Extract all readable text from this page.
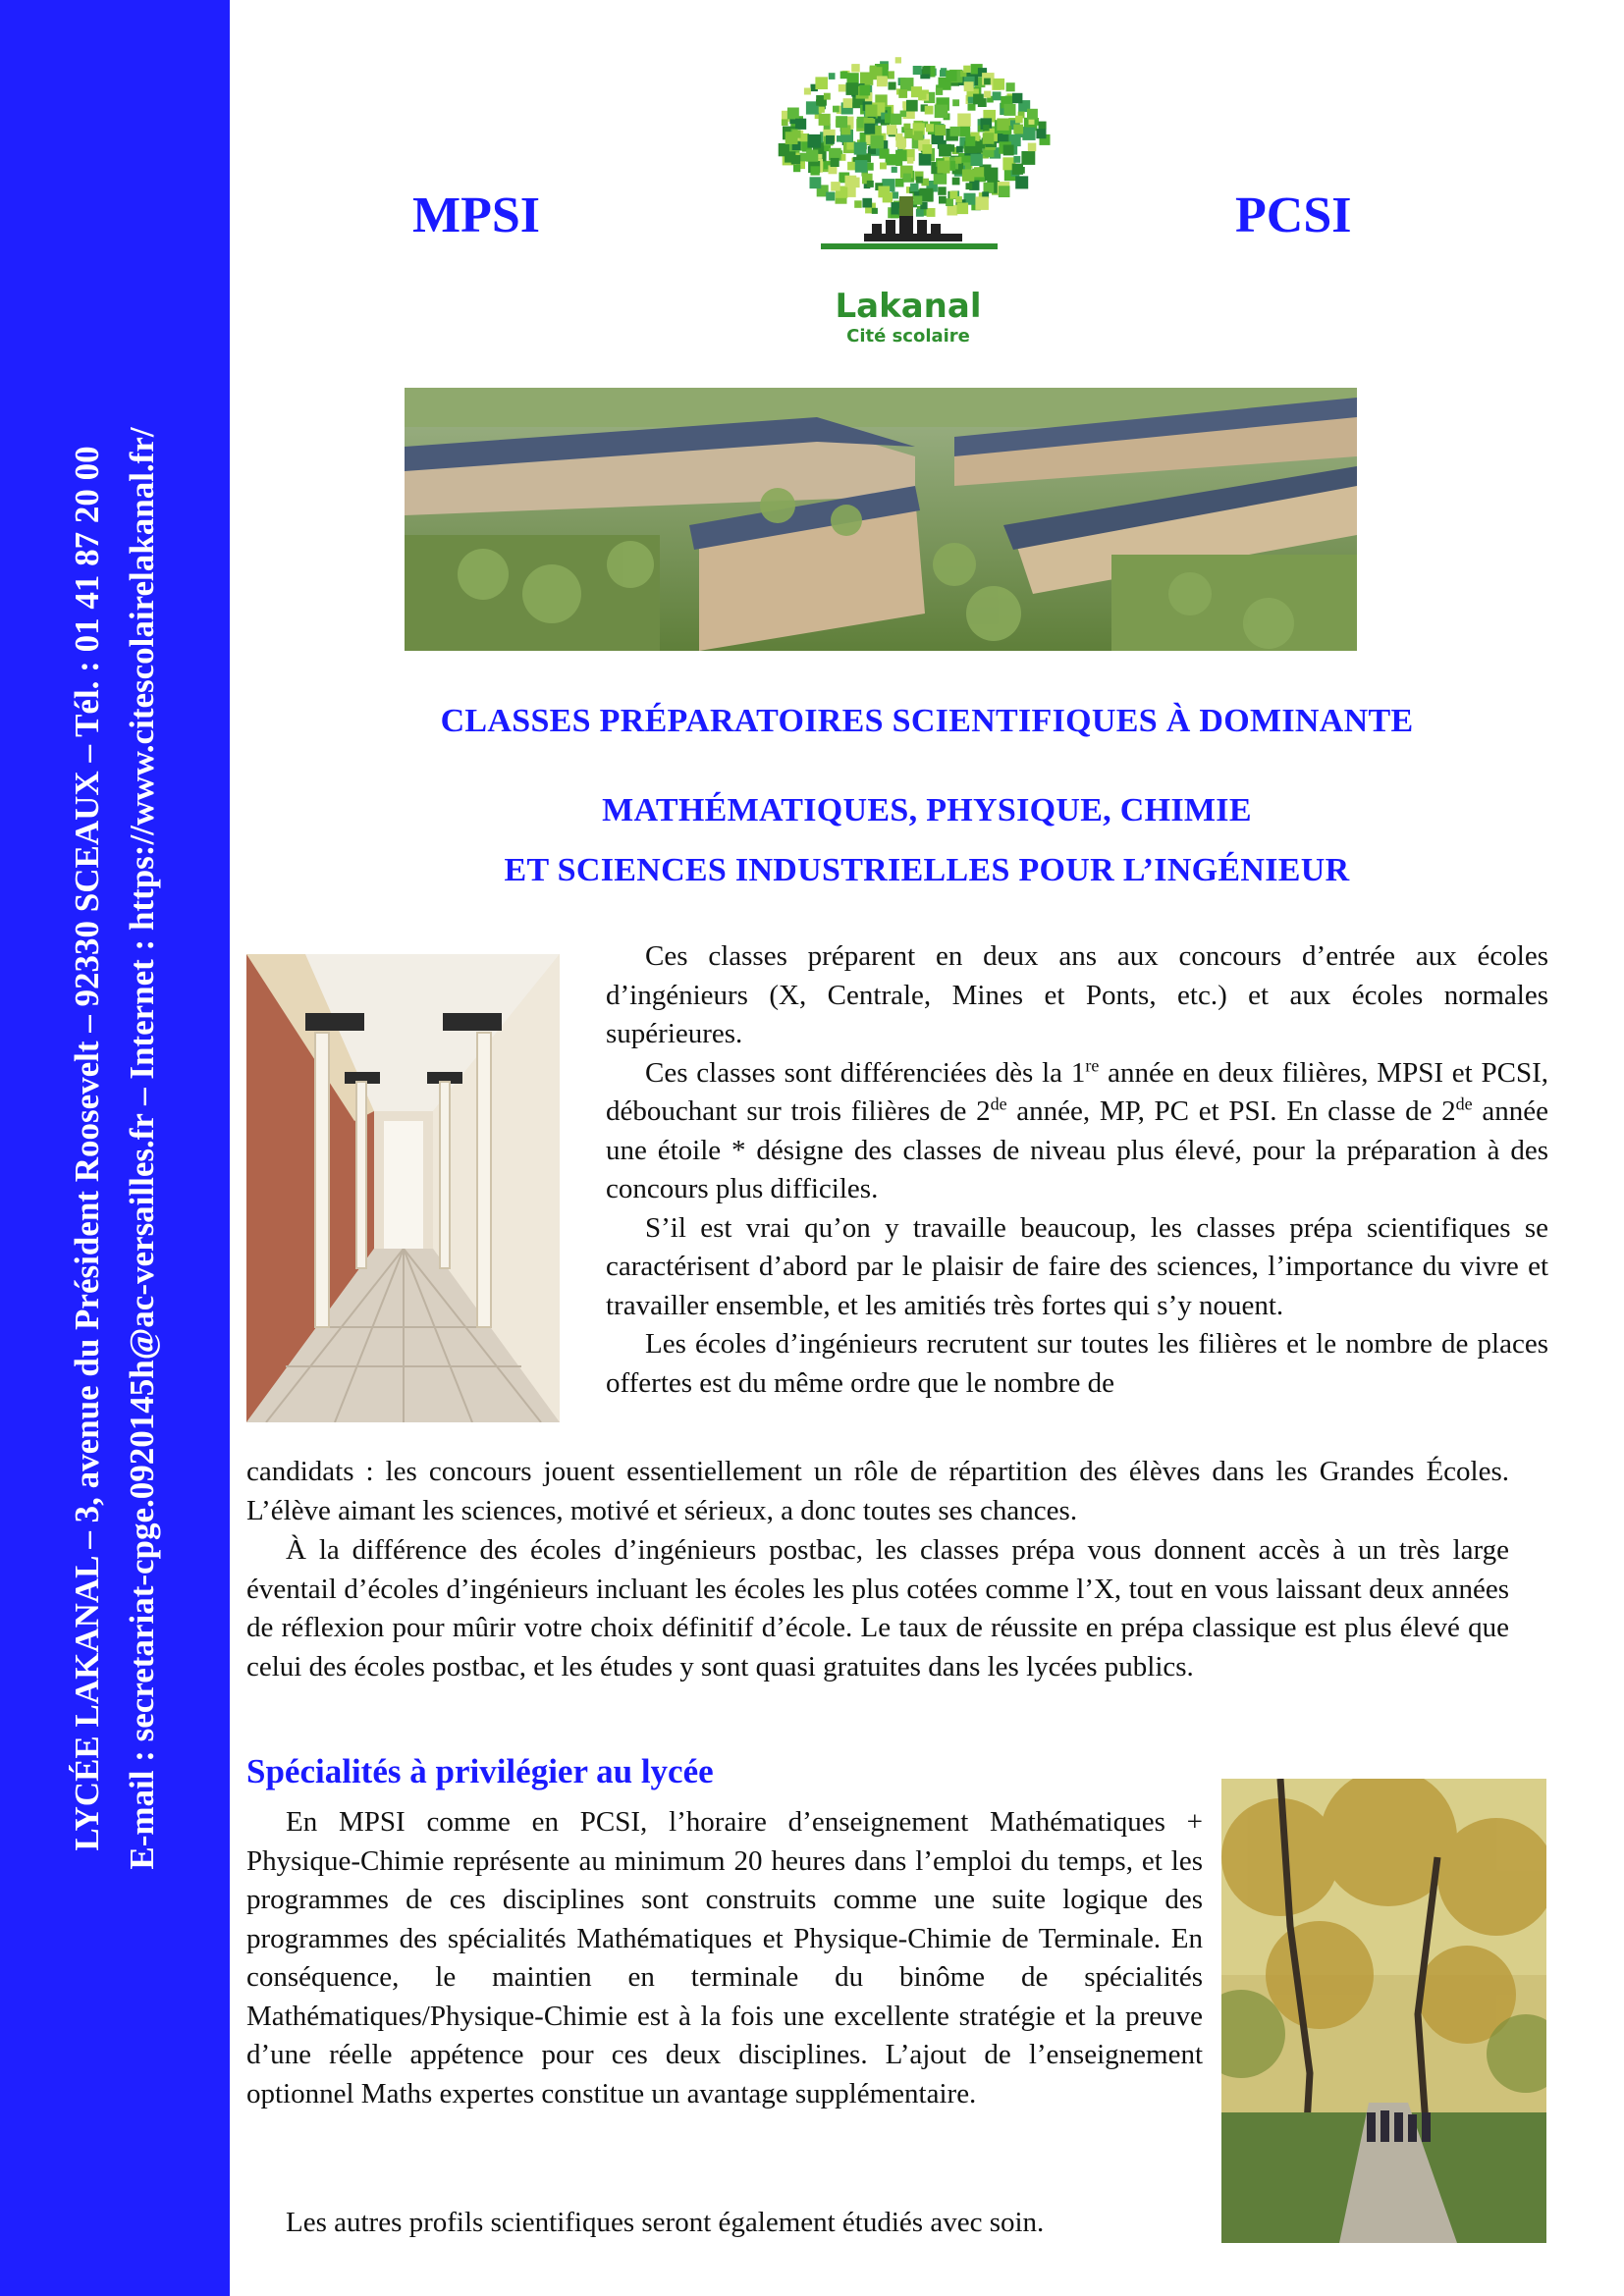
LYCÉE LAKANAL – 3, avenue du Président Roosevelt – 92330 SCEAUX – Tél. : 01 41 87 20 00 E-mail : secretariat-cpge.0920145h@ac-versailles.fr – Internet : https://www.citescolairelakanal.fr/
MPSI	PCSI
Lakanal
Cité scolaire
CLASSES PRÉPARATOIRES SCIENTIFIQUES À DOMINANTE
MATHÉMATIQUES, PHYSIQUE, CHIMIE
ET SCIENCES INDUSTRIELLES POUR L’INGÉNIEUR

Ces classes préparent en deux ans aux concours d’entrée aux écoles d’ingénieurs (X, Centrale, Mines et Ponts, etc.) et aux écoles normales supérieures.
Ces classes sont différenciées dès la 1re année en deux filières, MPSI et PCSI, débouchant sur trois filières de 2de année, MP, PC et PSI. En classe de 2de année une étoile * désigne des classes de niveau plus élevé, pour la préparation à des concours plus difficiles.
S’il est vrai qu’on y travaille beaucoup, les classes prépa scientifiques se caractérisent d’abord par le plaisir de faire des sciences, l’importance du vivre et travailler ensemble, et les amitiés très fortes qui s’y nouent.
Les écoles d’ingénieurs recrutent sur toutes les filières et le nombre de places offertes est du même ordre que le nombre de

candidats : les concours jouent essentiellement un rôle de répartition des élèves dans les Grandes Écoles. L’élève aimant les sciences, motivé et sérieux, a donc toutes ses chances.

À la différence des écoles d’ingénieurs postbac, les classes prépa vous donnent accès à un très large éventail d’écoles d’ingénieurs incluant les écoles les plus cotées comme l’X, tout en vous laissant deux années de réflexion pour mûrir votre choix définitif d’école. Le taux de réussite en prépa classique est plus élevé que celui des écoles postbac, et les études y sont quasi gratuites dans les lycées publics.

Spécialités à privilégier au lycée

En MPSI comme en PCSI, l’horaire d’enseignement Mathématiques + Physique-Chimie représente au minimum 20 heures dans l’emploi du temps, et les programmes de ces disciplines sont construits comme une suite logique des programmes des spécialités Mathématiques et Physique-Chimie de Terminale. En conséquence, le maintien en terminale du binôme de spécialités Mathématiques/Physique-Chimie est à la fois une excellente stratégie et la preuve d’une réelle appétence pour ces deux disciplines. L’ajout de l’enseignement optionnel Maths expertes constitue un avantage supplémentaire.

Les autres profils scientifiques seront également étudiés avec soin.
